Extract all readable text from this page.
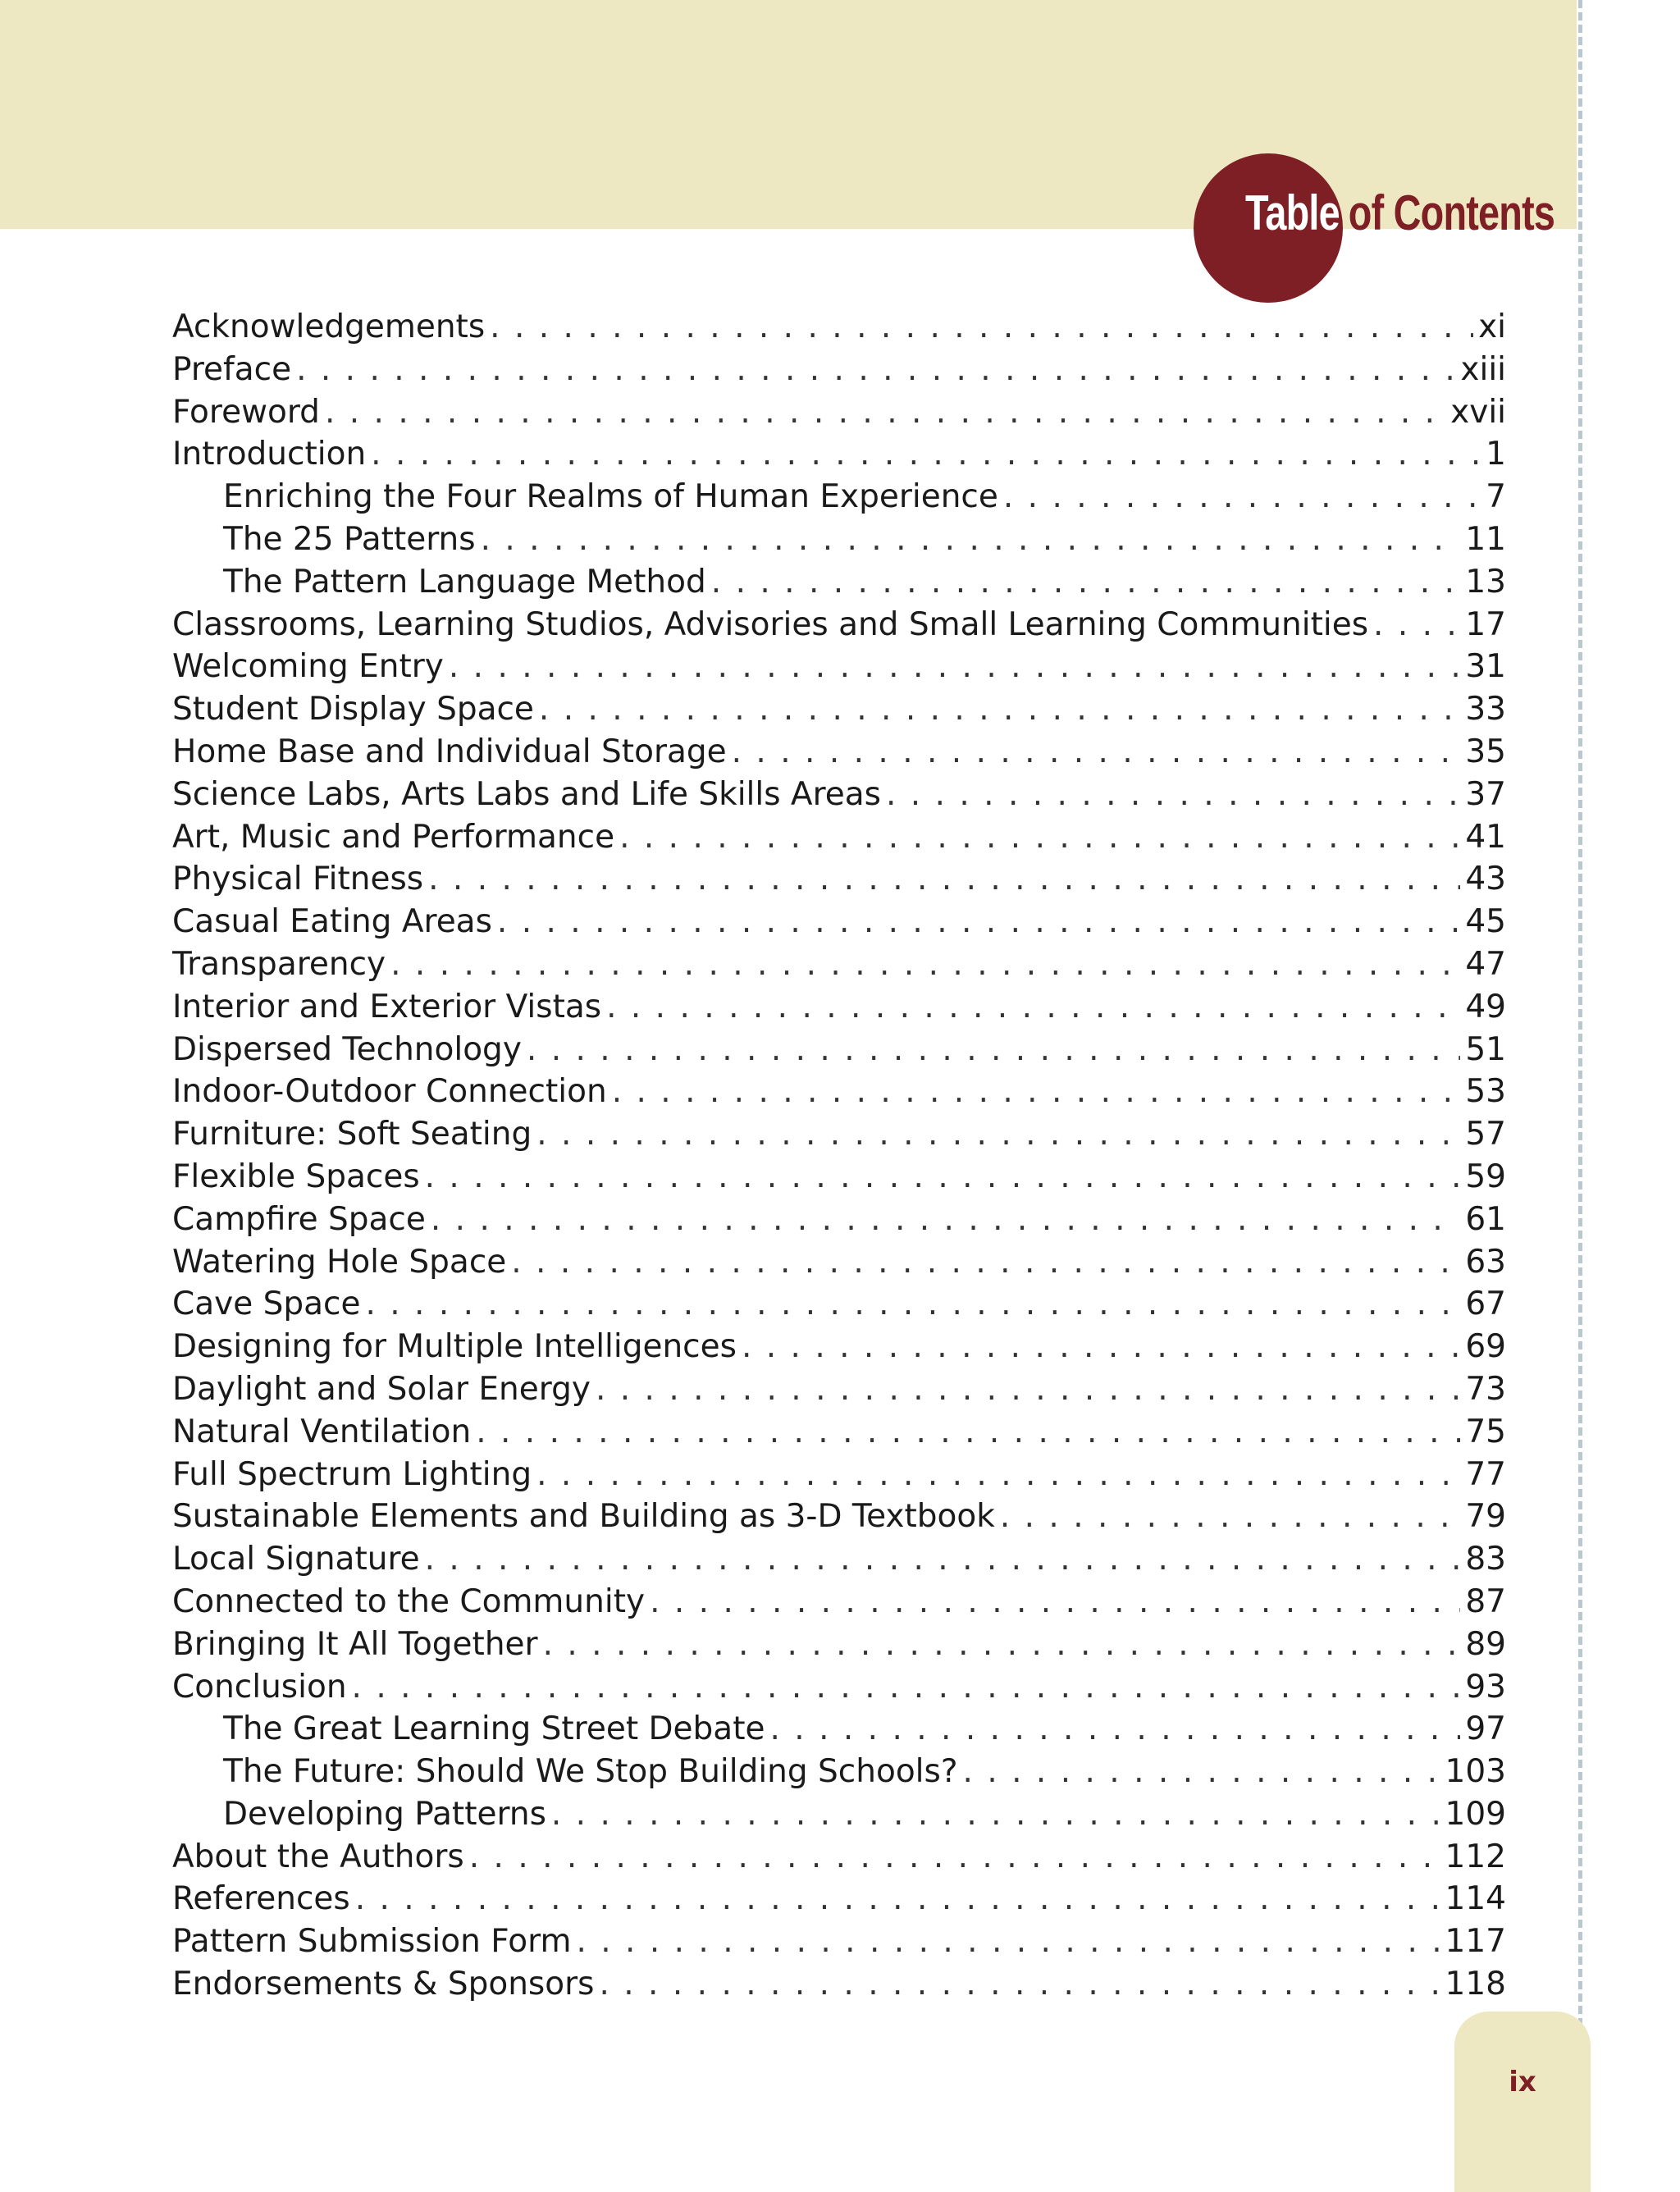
Table of Contents
Acknowledgements . . .	xi
Preface . . .	xiii
Foreword . . .	xvii
Introduction . . .	1
Enriching the Four Realms of Human Experience . . .	7
The 25 Patterns . . .	11
The Pattern Language Method . . .	13
Classrooms, Learning Studios, Advisories and Small Learning Communities . . .	17
Welcoming Entry . . .	31
Student Display Space . . .	33
Home Base and Individual Storage . . .	35
Science Labs, Arts Labs and Life Skills Areas . . .	37
Art, Music and Performance . . .	41
Physical Fitness . . .	43
Casual Eating Areas . . .	45
Transparency . . .	47
Interior and Exterior Vistas . . .	49
Dispersed Technology . . .	51
Indoor-Outdoor Connection . . .	53
Furniture: Soft Seating . . .	57
Flexible Spaces . . .	59
Campfire Space . . .	61
Watering Hole Space . . .	63
Cave Space . . .	67
Designing for Multiple Intelligences . . .	69
Daylight and Solar Energy . . .	73
Natural Ventilation . . .	75
Full Spectrum Lighting . . .	77
Sustainable Elements and Building as 3-D Textbook . . .	79
Local Signature . . .	83
Connected to the Community . . .	87
Bringing It All Together . . .	89
Conclusion . . .	93
The Great Learning Street Debate . . .	97
The Future: Should We Stop Building Schools? . . .	103
Developing Patterns . . .	109
About the Authors . . .	112
References . . .	114
Pattern Submission Form . . .	117
Endorsements & Sponsors . . .	118
ix
